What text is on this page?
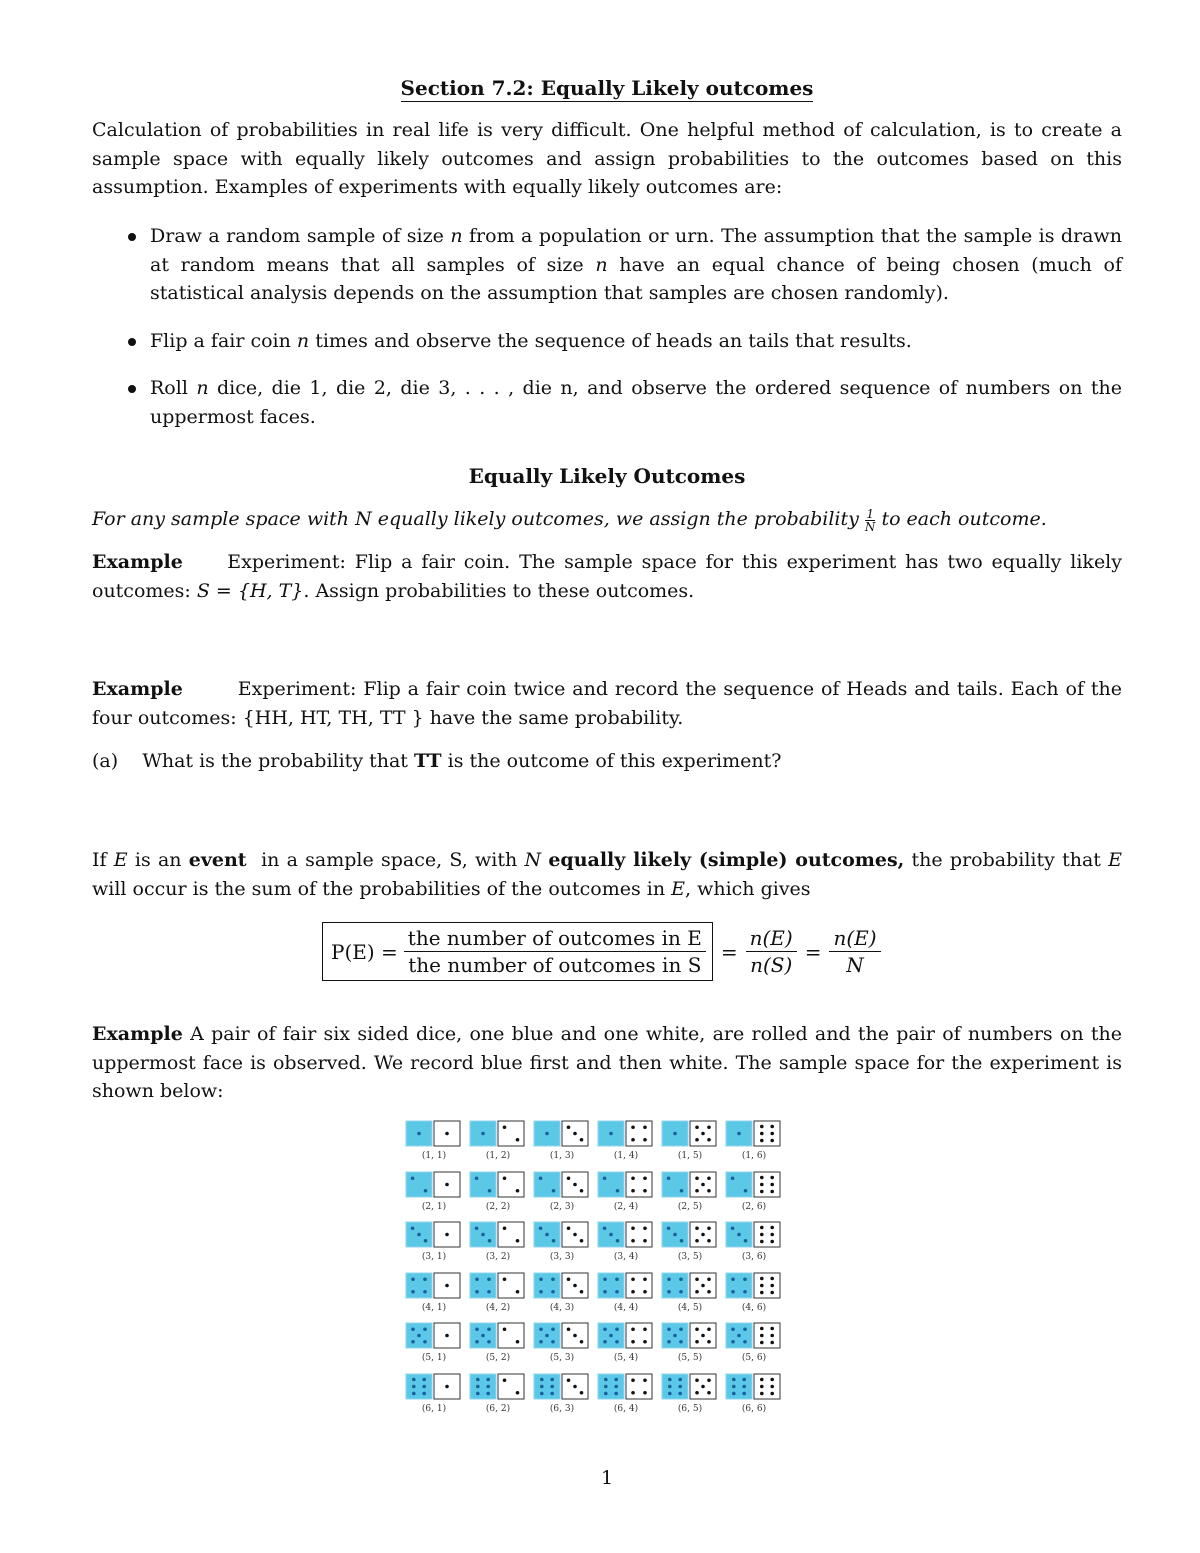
Section 7.2: Equally Likely outcomes

Calculation of probabilities in real life is very difficult. One helpful method of calculation, is to create a sample space with equally likely outcomes and assign probabilities to the outcomes based on this assumption. Examples of experiments with equally likely outcomes are:

Draw a random sample of size n from a population or urn. The assumption that the sample is drawn at random means that all samples of size n have an equal chance of being chosen (much of statistical analysis depends on the assumption that samples are chosen randomly).
Flip a fair coin n times and observe the sequence of heads an tails that results.
Roll n dice, die 1, die 2, die 3, . . . , die n, and observe the ordered sequence of numbers on the uppermost faces.
Equally Likely Outcomes

For any sample space with N equally likely outcomes, we assign the probability $\frac{1}{N}$ to each outcome.

Example Experiment: Flip a fair coin. The sample space for this experiment has two equally likely outcomes: S = {H, T}. Assign probabilities to these outcomes.

Example	Experiment: Flip a fair coin twice and record the sequence of Heads and tails. Each of the four outcomes: {HH, HT, TH, TT } have the same probability.

(a) What is the probability that TT is the outcome of this experiment?

If E is an event  in a sample space, S, with N equally likely (simple) outcomes, the probability that E will occur is the sum of the probabilities of the outcomes in E, which gives

$P(E) = \frac{\text{the number of outcomes in E}}{\text{the number of outcomes in S}} = \frac{n(E)}{n(S)} = \frac{n(E)}{N}$

Example A pair of fair six sided dice, one blue and one white, are rolled and the pair of numbers on the uppermost face is observed. We record blue first and then white. The sample space for the experiment is shown below:

(1, 1)	(1, 2)	(1, 3)	(1, 4)	(1, 5)	(1, 6)
(2, 1)	(2, 2)	(2, 3)	(2, 4)	(2, 5)	(2, 6)
(3, 1)	(3, 2)	(3, 3)	(3, 4)	(3, 5)	(3, 6)
(4, 1)	(4, 2)	(4, 3)	(4, 4)	(4, 5)	(4, 6)
(5, 1)	(5, 2)	(5, 3)	(5, 4)	(5, 5)	(5, 6)
(6, 1)	(6, 2)	(6, 3)	(6, 4)	(6, 5)	(6, 6)
1
